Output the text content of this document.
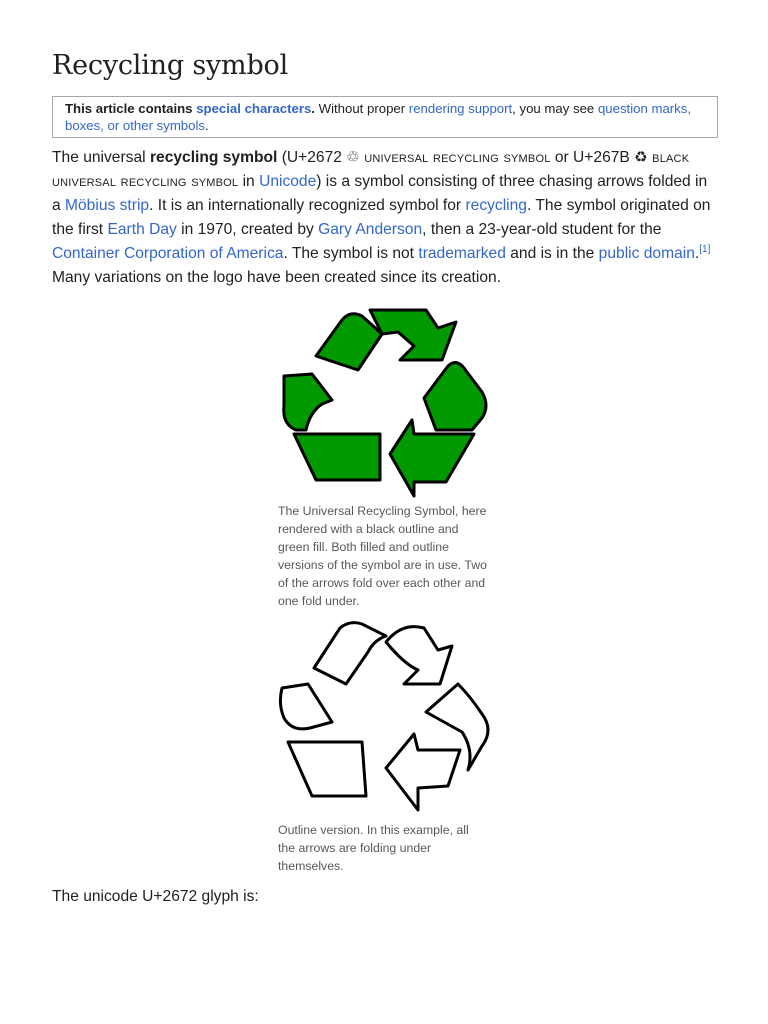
Recycling symbol
This article contains special characters. Without proper rendering support, you may see question marks, boxes, or other symbols.

The universal recycling symbol (U+2672 ♲ universal recycling symbol or U+267B ♻ black universal recycling symbol in Unicode) is a symbol consisting of three chasing arrows folded in a Möbius strip. It is an internationally recognized symbol for recycling. The symbol originated on the first Earth Day in 1970, created by Gary Anderson, then a 23-year-old student for the Container Corporation of America. The symbol is not trademarked and is in the public domain.[1]
Many variations on the logo have been created since its creation.

The Universal Recycling Symbol, here rendered with a black outline and green fill. Both filled and outline versions of the symbol are in use. Two of the arrows fold over each other and one fold under.
Outline version. In this example, all the arrows are folding under themselves.

The unicode U+2672 glyph is:
